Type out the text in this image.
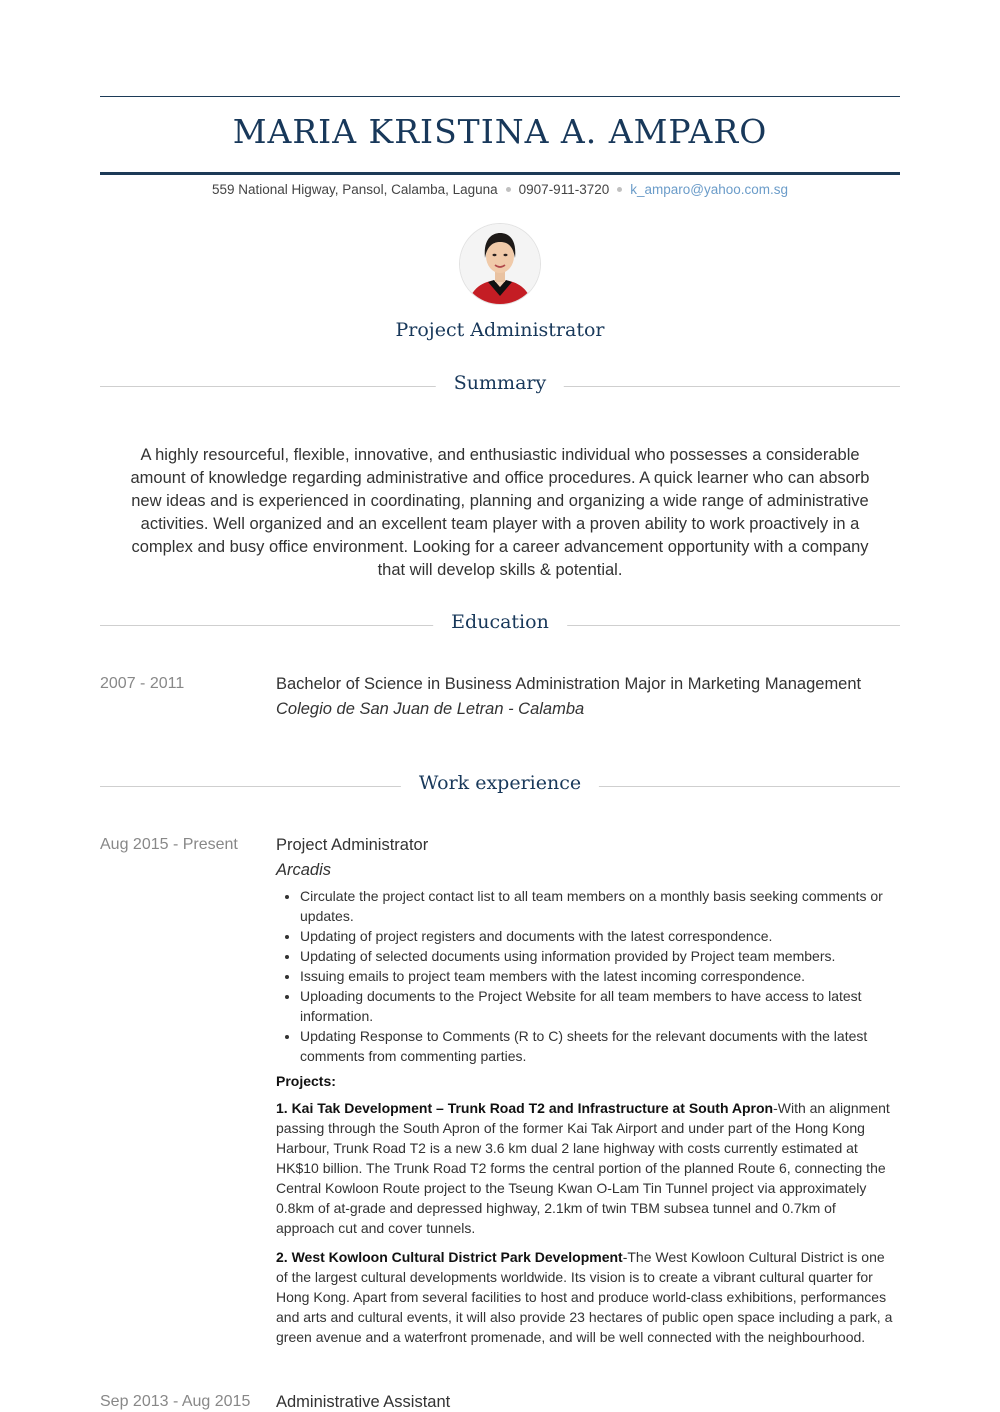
MARIA KRISTINA A. AMPARO
559 National Higway, Pansol, Calamba, Laguna 0907-911-3720 k_amparo@yahoo.com.sg
Project Administrator
Summary
A highly resourceful, flexible, innovative, and enthusiastic individual who possesses a considerable amount of knowledge regarding administrative and office procedures. A quick learner who can absorb new ideas and is experienced in coordinating, planning and organizing a wide range of administrative activities. Well organized and an excellent team player with a proven ability to work proactively in a complex and busy office environment. Looking for a career advancement opportunity with a company that will develop skills & potential.
Education
2007 - 2011	Bachelor of Science in Business Administration Major in Marketing Management
Colegio de San Juan de Letran - Calamba
Work experience
Aug 2015 - Present Project Administrator
Arcadis
• Circulate the project contact list to all team members on a monthly basis seeking comments or updates.
• Updating of project registers and documents with the latest correspondence.
• Updating of selected documents using information provided by Project team members.
• Issuing emails to project team members with the latest incoming correspondence.
• Uploading documents to the Project Website for all team members to have access to latest information.
• Updating Response to Comments (R to C) sheets for the relevant documents with the latest comments from commenting parties.
Projects:
1. Kai Tak Development – Trunk Road T2 and Infrastructure at South Apron-With an alignment passing through the South Apron of the former Kai Tak Airport and under part of the Hong Kong Harbour, Trunk Road T2 is a new 3.6 km dual 2 lane highway with costs currently estimated at HK$10 billion. The Trunk Road T2 forms the central portion of the planned Route 6, connecting the Central Kowloon Route project to the Tseung Kwan O-Lam Tin Tunnel project via approximately 0.8km of at-grade and depressed highway, 2.1km of twin TBM subsea tunnel and 0.7km of approach cut and cover tunnels.
2. West Kowloon Cultural District Park Development-The West Kowloon Cultural District is one of the largest cultural developments worldwide. Its vision is to create a vibrant cultural quarter for Hong Kong. Apart from several facilities to host and produce world-class exhibitions, performances and arts and cultural events, it will also provide 23 hectares of public open space including a park, a green avenue and a waterfront promenade, and will be well connected with the neighbourhood.
Sep 2013 - Aug 2015 Administrative Assistant
